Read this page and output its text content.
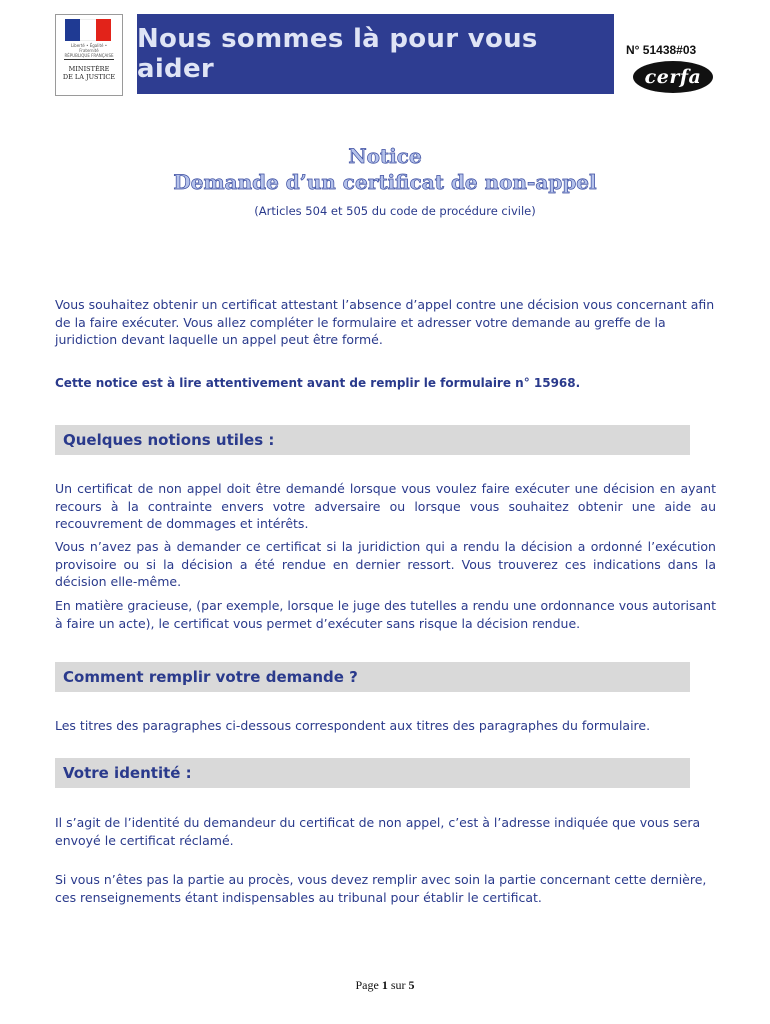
Liberté • Égalité • Fraternité
RÉPUBLIQUE FRANÇAISE
MINISTÈRE
DE LA JUSTICE
Nous sommes là pour vous aider
N° 51438#03
cerfa
Notice
Demande d’un certificat de non-appel
(Articles 504 et 505 du code de procédure civile)

Vous souhaitez obtenir un certificat attestant l’absence d’appel contre une décision vous concernant afin de la faire exécuter. Vous allez compléter le formulaire et adresser votre demande au greffe de la juridiction devant laquelle un appel peut être formé.

Cette notice est à lire attentivement avant de remplir le formulaire n° 15968.
Quelques notions utiles :

Un certificat de non appel doit être demandé lorsque vous voulez faire exécuter une décision en ayant recours à la contrainte envers votre adversaire ou lorsque vous souhaitez obtenir une aide au recouvrement de dommages et intérêts.

Vous n’avez pas à demander ce certificat si la juridiction qui a rendu la décision a ordonné l’exécution provisoire ou si la décision a été rendue en dernier ressort. Vous trouverez ces indications dans la décision elle-même.

En matière gracieuse, (par exemple, lorsque le juge des tutelles a rendu une ordonnance vous autorisant à faire un acte), le certificat vous permet d’exécuter sans risque la décision rendue.

Comment remplir votre demande ?

Les titres des paragraphes ci-dessous correspondent aux titres des paragraphes du formulaire.

Votre identité :

Il s’agit de l’identité du demandeur du certificat de non appel, c’est à l’adresse indiquée que vous sera envoyé le certificat réclamé.

Si vous n’êtes pas la partie au procès, vous devez remplir avec soin la partie concernant cette dernière, ces renseignements étant indispensables au tribunal pour établir le certificat.

Page 1 sur 5
